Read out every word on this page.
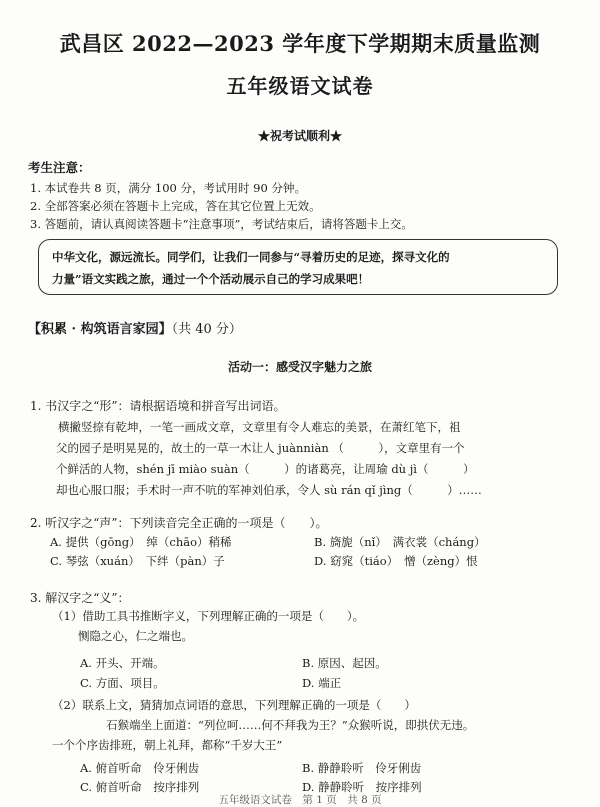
武昌区 2022—2023 学年度下学期期末质量监测
五年级语文试卷
★祝考试顺利★
考生注意：
1. 本试卷共 8 页，满分 100 分，考试用时 90 分钟。
2. 全部答案必须在答题卡上完成，答在其它位置上无效。
3. 答题前，请认真阅读答题卡“注意事项”，考试结束后，请将答题卡上交。
中华文化，源远流长。同学们，让我们一同参与“寻着历史的足迹，探寻文化的
力量”语文实践之旅，通过一个个活动展示自己的学习成果吧！
【积累 · 构筑语言家园】（共 40 分）
活动一：感受汉字魅力之旅
1. 书汉字之“形”：请根据语境和拼音写出词语。
横撇竖捺有乾坤，一笔一画成文章，文章里有令人难忘的美景，在萧红笔下，祖
父的园子是明晃晃的，故土的一草一木让人 juànniàn （　　　），文章里有一个
个鲜活的人物，shén jī miào suàn（　　　）的诸葛亮，让周瑜 dù jì（　　　）
却也心服口服；手术时一声不吭的军神刘伯承，令人 sù rán qǐ jìng（　　　）……
2. 听汉字之“声”：下列读音完全正确的一项是（　　）。
A. 提供（gōng）　绰（chāo）稍稀	B. 旖旎（nǐ）　满衣裳（cháng）
C. 琴弦（xuán）　下绊（pàn）子	D. 窈窕（tiáo）　憎（zèng）恨
3. 解汉字之“义”：
（1）借助工具书推断字义，下列理解正确的一项是（　　）。
恻隐之心，仁之端也。
A. 开头、开端。	B. 原因、起因。
C. 方面、项目。	D. 端正
（2）联系上文，猜猜加点词语的意思，下列理解正确的一项是（　　）
石猴端坐上面道：“列位呵……何不拜我为王？”众猴听说，即拱伏无违。
一个个序齿排班，朝上礼拜，都称“千岁大王”
A. 俯首听命　伶牙俐齿	B. 静静聆听　伶牙俐齿
C. 俯首听命　按序排列	D. 静静聆听　按序排列
五年级语文试卷　第 1 页　共 8 页
